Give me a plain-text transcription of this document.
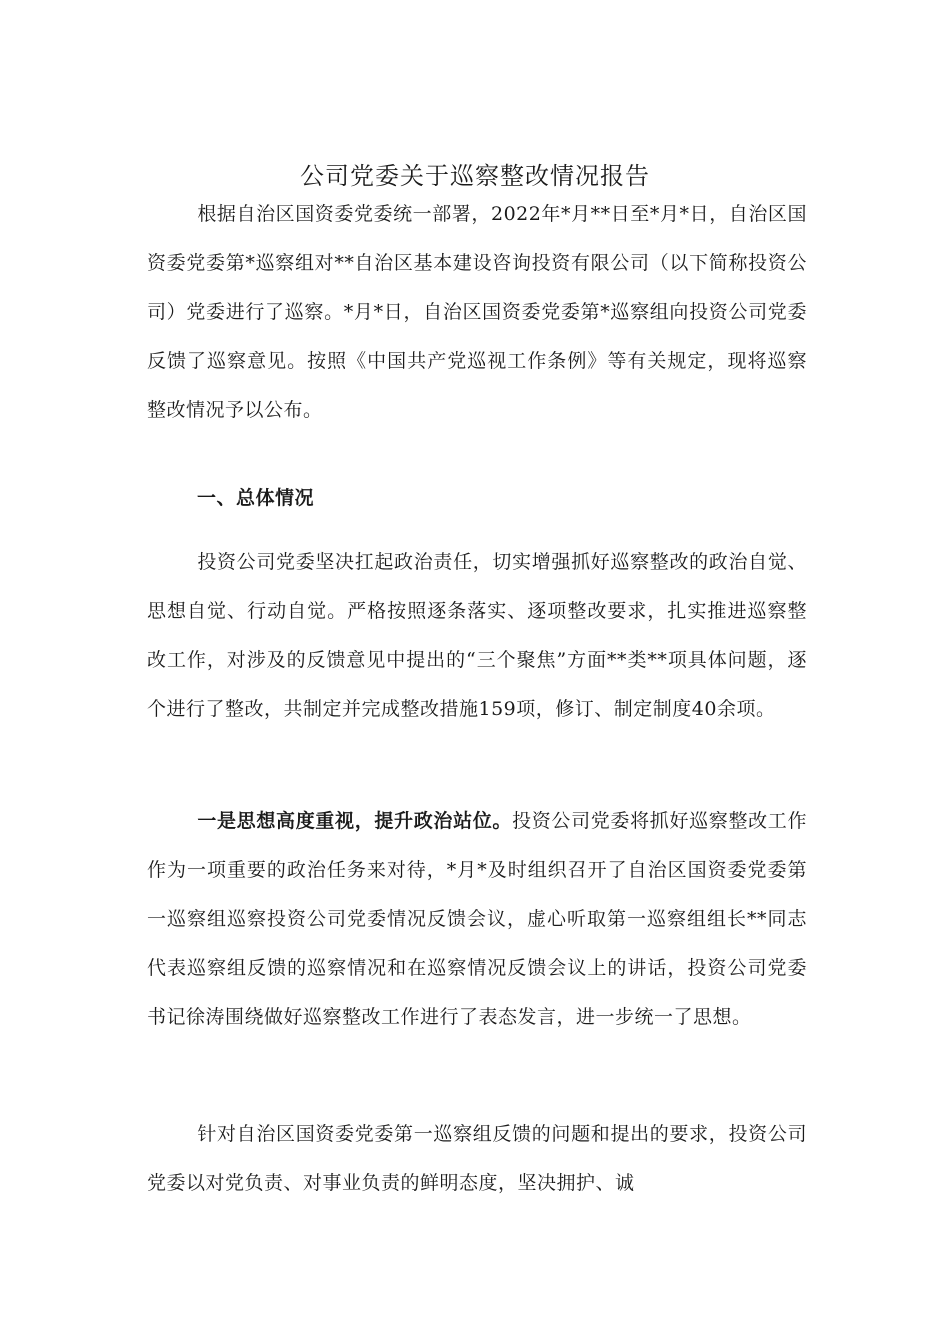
公司党委关于巡察整改情况报告

根据自治区国资委党委统一部署，2022年*月**日至*月*日，自治区国资委党委第*巡察组对**自治区基本建设咨询投资有限公司（以下简称投资公司）党委进行了巡察。*月*日，自治区国资委党委第*巡察组向投资公司党委反馈了巡察意见。按照《中国共产党巡视工作条例》等有关规定，现将巡察整改情况予以公布。

一、总体情况

投资公司党委坚决扛起政治责任，切实增强抓好巡察整改的政治自觉、思想自觉、行动自觉。严格按照逐条落实、逐项整改要求，扎实推进巡察整改工作，对涉及的反馈意见中提出的“三个聚焦”方面**类**项具体问题，逐个进行了整改，共制定并完成整改措施159项，修订、制定制度40余项。

一是思想高度重视，提升政治站位。投资公司党委将抓好巡察整改工作作为一项重要的政治任务来对待，*月*及时组织召开了自治区国资委党委第一巡察组巡察投资公司党委情况反馈会议，虚心听取第一巡察组组长**同志代表巡察组反馈的巡察情况和在巡察情况反馈会议上的讲话，投资公司党委书记徐涛围绕做好巡察整改工作进行了表态发言，进一步统一了思想。

针对自治区国资委党委第一巡察组反馈的问题和提出的要求，投资公司党委以对党负责、对事业负责的鲜明态度，坚决拥护、诚
